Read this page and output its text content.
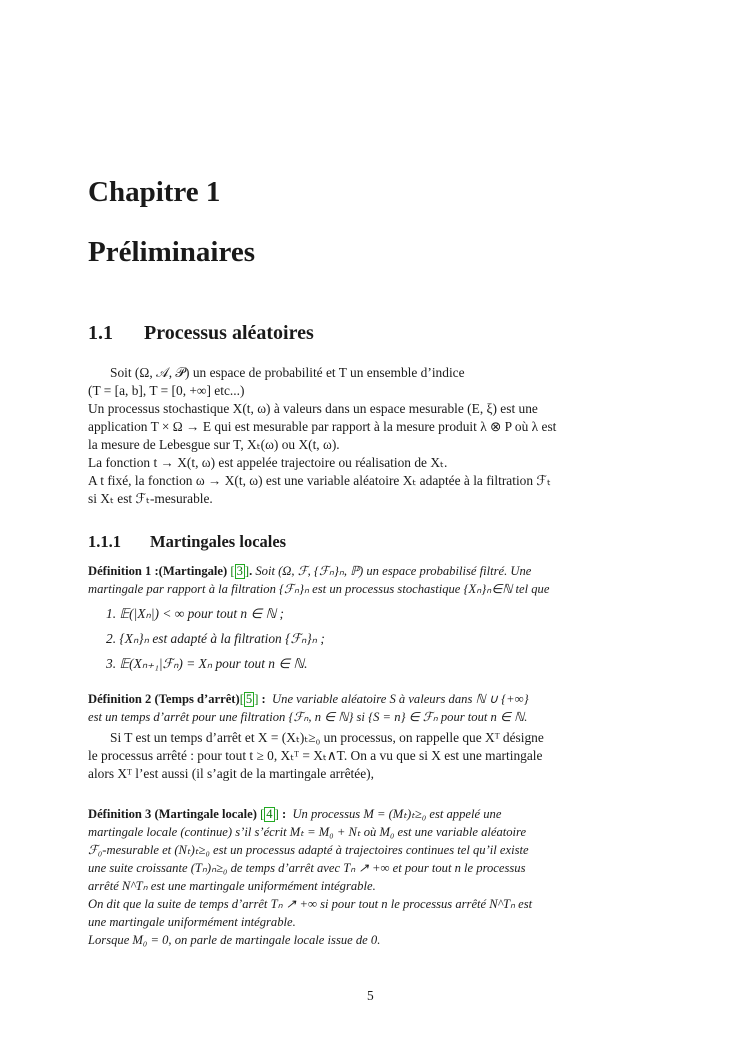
Chapitre 1
Préliminaires
1.1 Processus aléatoires
Soit (Ω, 𝒜, 𝒫) un espace de probabilité et T un ensemble d’indice
(T = [a, b], T = [0, +∞] etc...)
Un processus stochastique X(t, ω) à valeurs dans un espace mesurable (E, ξ) est une
application T × Ω → E qui est mesurable par rapport à la mesure produit λ ⊗ P où λ est
la mesure de Lebesgue sur T, Xₜ(ω) ou X(t, ω).
La fonction t → X(t, ω) est appelée trajectoire ou réalisation de Xₜ.
A t fixé, la fonction ω → X(t, ω) est une variable aléatoire Xₜ adaptée à la filtration ℱₜ
si Xₜ est ℱₜ-mesurable.
1.1.1 Martingales locales
Définition 1 :(Martingale) [ 3 ]. Soit (Ω, ℱ, {ℱₙ}ₙ, ℙ) un espace probabilisé filtré. Une
martingale par rapport à la filtration {ℱₙ}ₙ est un processus stochastique {Xₙ}ₙ∈ℕ tel que
1. 𝔼(|Xₙ|) < ∞ pour tout n ∈ ℕ ;
2. {Xₙ}ₙ est adapté à la filtration {ℱₙ}ₙ ;
3. 𝔼(Xₙ₊₁|ℱₙ) = Xₙ pour tout n ∈ ℕ.
Définition 2 (Temps d’arrêt)[ 5 ] : Une variable aléatoire S à valeurs dans ℕ ∪ {+∞}
est un temps d’arrêt pour une filtration {ℱₙ, n ∈ ℕ} si {S = n} ∈ ℱₙ pour tout n ∈ ℕ.
Si T est un temps d’arrêt et X = (Xₜ)ₜ≥₀ un processus, on rappelle que Xᵀ désigne
le processus arrêté : pour tout t ≥ 0, Xₜᵀ = Xₜ∧T. On a vu que si X est une martingale
alors Xᵀ l’est aussi (il s’agit de la martingale arrêtée),
Définition 3 (Martingale locale) [ 4 ] : Un processus M = (Mₜ)ₜ≥₀ est appelé une
martingale locale (continue) s’il s’écrit Mₜ = M₀ + Nₜ où M₀ est une variable aléatoire
ℱ₀-mesurable et (Nₜ)ₜ≥₀ est un processus adapté à trajectoires continues tel qu’il existe
une suite croissante (Tₙ)ₙ≥₀ de temps d’arrêt avec Tₙ ↗ +∞ et pour tout n le processus
arrêté N^Tₙ est une martingale uniformément intégrable.
On dit que la suite de temps d’arrêt Tₙ ↗ +∞ si pour tout n le processus arrêté N^Tₙ est
une martingale uniformément intégrable.
Lorsque M₀ = 0, on parle de martingale locale issue de 0.
5
